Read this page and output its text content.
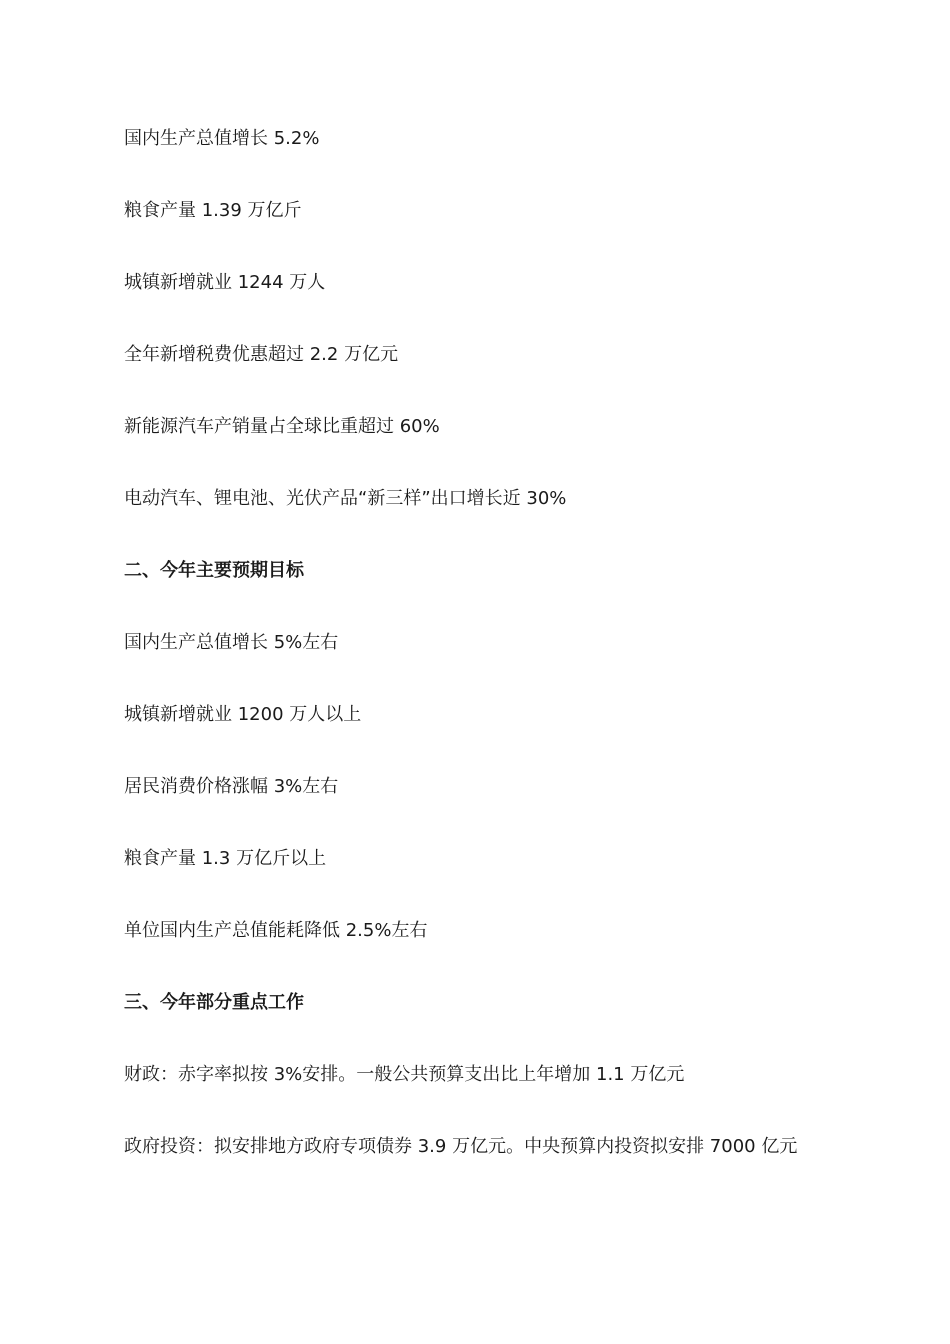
国内生产总值增长 5.2%
粮食产量 1.39 万亿斤
城镇新增就业 1244 万人
全年新增税费优惠超过 2.2 万亿元
新能源汽车产销量占全球比重超过 60%
电动汽车、锂电池、光伏产品“新三样”出口增长近 30%
二、今年主要预期目标
国内生产总值增长 5%左右
城镇新增就业 1200 万人以上
居民消费价格涨幅 3%左右
粮食产量 1.3 万亿斤以上
单位国内生产总值能耗降低 2.5%左右
三、今年部分重点工作
财政：赤字率拟按 3%安排。一般公共预算支出比上年增加 1.1 万亿元
政府投资：拟安排地方政府专项债券 3.9 万亿元。中央预算内投资拟安排 7000 亿元
